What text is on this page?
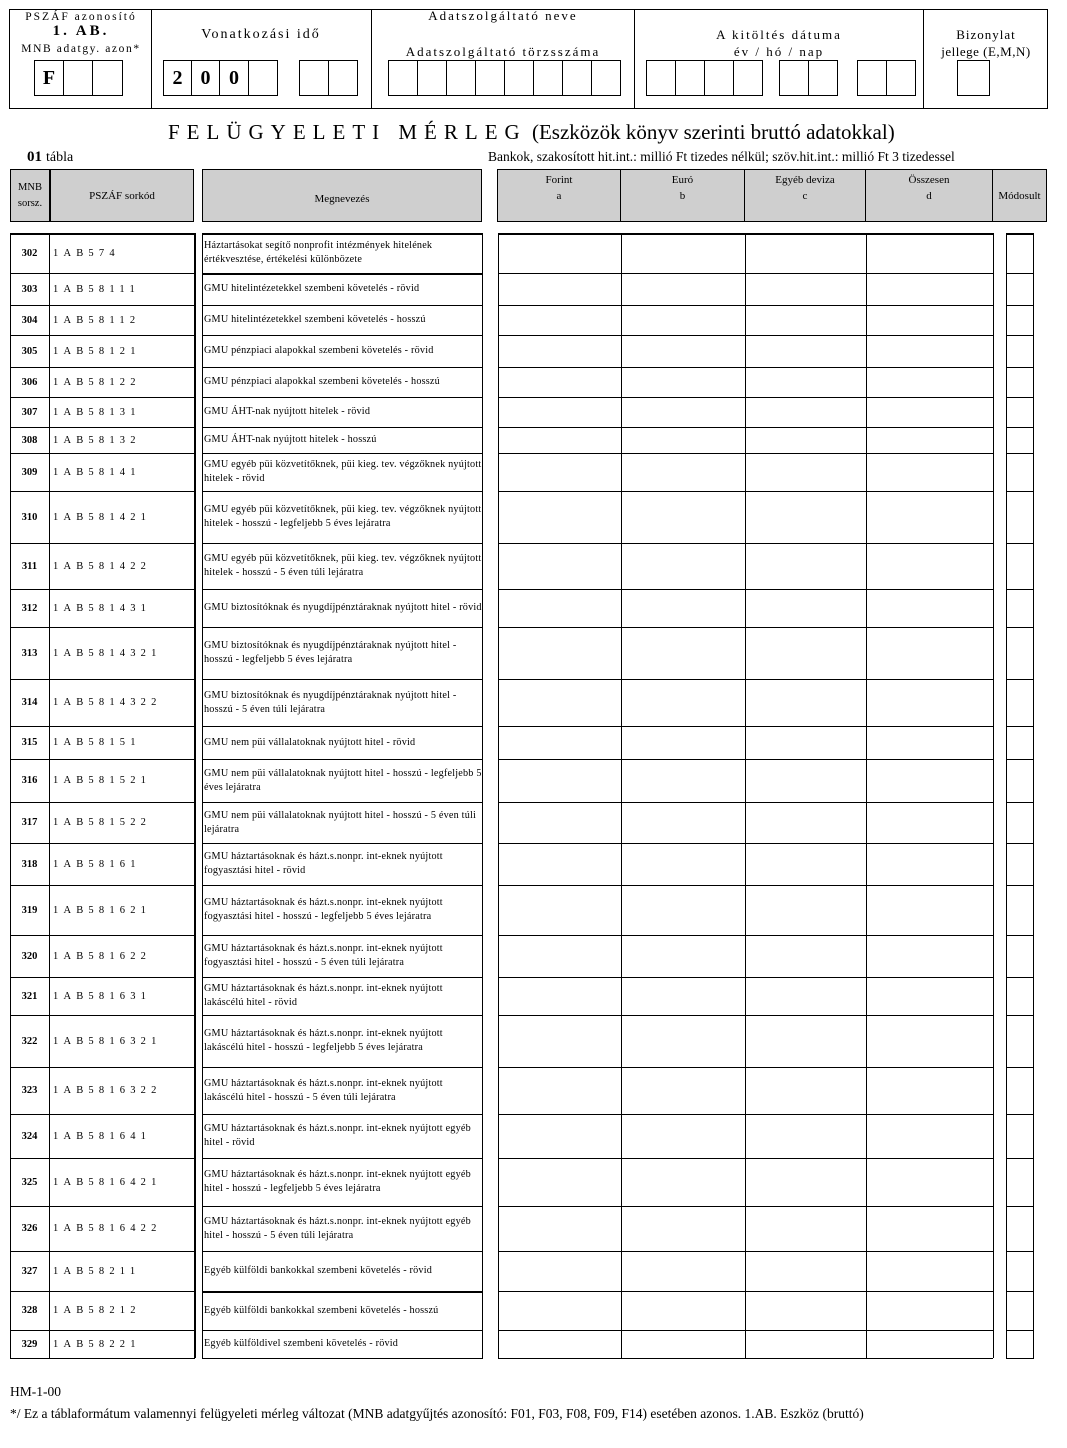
PSZÁF azonosító
1. AB.
MNB adatgy. azon*
F
Vonatkozási idő
2 0 0
Adatszolgáltató neve
Adatszolgáltató törzsszáma
A kitöltés dátuma
év / hó / nap
Bizonylat
jellege (E,M,N)
FELÜGYELETI MÉRLEG (Eszközök könyv szerinti bruttó adatokkal)
01 tábla	Bankok, szakosított hit.int.: millió Ft tizedes nélkül; szöv.hit.int.: millió Ft 3 tizedessel
MNB
sorsz.
PSZÁF sorkód	Megnevezés
Forint
a
Euró
b
Egyéb deviza
c
Összesen
d	Módosult
302	1AB574
Háztartásokat segítő nonprofit intézmények hitelének értékvesztése, értékelési különbözete
303	1AB58111	GMU hitelintézetekkel szembeni követelés - rövid
304	1AB58112	GMU hitelintézetekkel szembeni követelés - hosszú
305	1AB58121	GMU pénzpiaci alapokkal szembeni követelés - rövid
306	1AB58122	GMU pénzpiaci alapokkal szembeni követelés - hosszú
307	1AB58131	GMU ÁHT-nak nyújtott hitelek - rövid
308	1AB58132	GMU ÁHT-nak nyújtott hitelek - hosszú
309	1AB58141
GMU egyéb püi közvetítőknek, püi kieg. tev. végzőknek nyújtott hitelek - rövid
310	1AB581421
GMU egyéb püi közvetítőknek, püi kieg. tev. végzőknek nyújtott hitelek - hosszú - legfeljebb 5 éves lejáratra
311	1AB581422
GMU egyéb püi közvetítőknek, püi kieg. tev. végzőknek nyújtott hitelek - hosszú - 5 éven túli lejáratra
312	1AB581431	GMU biztosítóknak és nyugdíjpénztáraknak nyújtott hitel - rövid
313	1AB5814321
GMU biztosítóknak és nyugdíjpénztáraknak nyújtott hitel - hosszú - legfeljebb 5 éves lejáratra
314	1AB5814322
GMU biztosítóknak és nyugdíjpénztáraknak nyújtott hitel - hosszú - 5 éven túli lejáratra
315	1AB58151	GMU nem püi vállalatoknak nyújtott hitel - rövid
316	1AB581521
GMU nem püi vállalatoknak nyújtott hitel - hosszú - legfeljebb 5 éves lejáratra
317	1AB581522
GMU nem püi vállalatoknak nyújtott hitel - hosszú - 5 éven túli lejáratra
318	1AB58161
GMU háztartásoknak és házt.s.nonpr. int-eknek nyújtott fogyasztási hitel - rövid
319	1AB581621
GMU háztartásoknak és házt.s.nonpr. int-eknek nyújtott fogyasztási hitel - hosszú - legfeljebb 5 éves lejáratra
320	1AB581622
GMU háztartásoknak és házt.s.nonpr. int-eknek nyújtott fogyasztási hitel - hosszú - 5 éven túli lejáratra
321	1AB581631
GMU háztartásoknak és házt.s.nonpr. int-eknek nyújtott lakáscélú hitel - rövid
322	1AB5816321
GMU háztartásoknak és házt.s.nonpr. int-eknek nyújtott lakáscélú hitel - hosszú - legfeljebb 5 éves lejáratra
323	1AB5816322
GMU háztartásoknak és házt.s.nonpr. int-eknek nyújtott lakáscélú hitel - hosszú - 5 éven túli lejáratra
324	1AB581641
GMU háztartásoknak és házt.s.nonpr. int-eknek nyújtott egyéb hitel - rövid
325	1AB5816421
GMU háztartásoknak és házt.s.nonpr. int-eknek nyújtott egyéb hitel - hosszú - legfeljebb 5 éves lejáratra
326	1AB5816422
GMU háztartásoknak és házt.s.nonpr. int-eknek nyújtott egyéb hitel - hosszú - 5 éven túli lejáratra
327	1AB58211	Egyéb külföldi bankokkal szembeni követelés - rövid
328	1AB58212	Egyéb külföldi bankokkal szembeni követelés - hosszú
329	1AB58221	Egyéb külföldivel szembeni követelés - rövid
HM-1-00
*/ Ez a táblaformátum valamennyi felügyeleti mérleg változat (MNB adatgyűjtés azonosító: F01, F03, F08, F09, F14) esetében azonos. 1.AB. Eszköz (bruttó)
